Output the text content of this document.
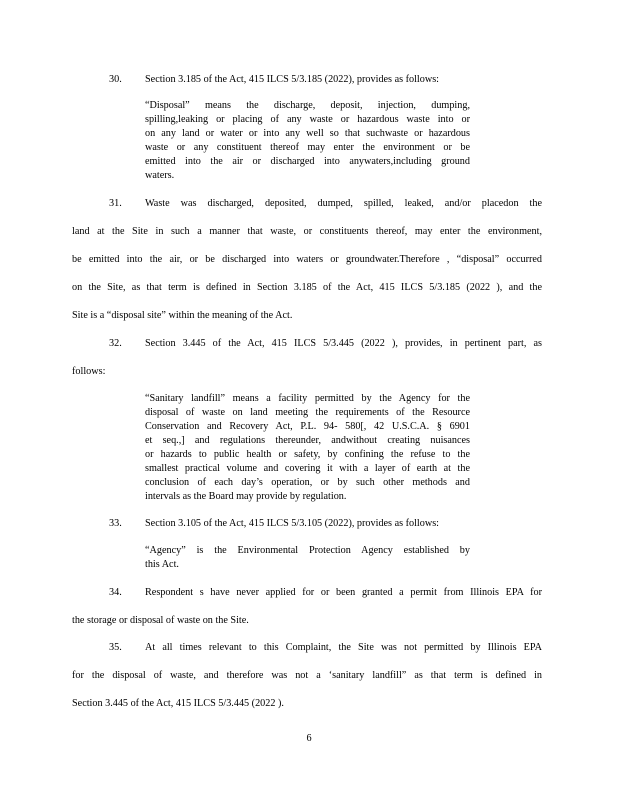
30. Section 3.185 of the Act, 415 ILCS 5/3.185 (2022), provides as follows:

“Disposal” means the discharge, deposit, injection, dumping,
spilling,leaking or placing of any waste or hazardous waste into or
on any land or water or into any well so that suchwaste or hazardous
waste or any constituent thereof may enter the environment or be
emitted into the air or discharged into anywaters,including ground
waters.

31. Waste was discharged, deposited, dumped, spilled, leaked, and/or placedon the
land at the Site in such a manner that waste, or constituents thereof, may enter the environment,
be emitted into the air, or be discharged into waters or groundwater.Therefore , “disposal” occurred
on the Site, as that term is defined in Section 3.185 of the Act, 415 ILCS 5/3.185 (2022 ), and the
Site is a “disposal site” within the meaning of the Act.

32. Section 3.445 of the Act, 415 ILCS 5/3.445 (2022 ), provides, in pertinent part, as
follows:

“Sanitary landfill” means a facility permitted by the Agency for the
disposal of waste on land meeting the requirements of the Resource
Conservation and Recovery Act, P.L. 94- 580[, 42 U.S.C.A. § 6901
et seq.,] and regulations thereunder, andwithout creating nuisances
or hazards to public health or safety, by confining the refuse to the
smallest practical volume and covering it with a layer of earth at the
conclusion of each day’s operation, or by such other methods and
intervals as the Board may provide by regulation.

33. Section 3.105 of the Act, 415 ILCS 5/3.105 (2022), provides as follows:

“Agency” is the Environmental Protection Agency established by
this Act.

34. Respondent s have never applied for or been granted a permit from Illinois EPA for
the storage or disposal of waste on the Site.

35. At all times relevant to this Complaint, the Site was not permitted by Illinois EPA
for the disposal of waste, and therefore was not a ‘sanitary landfill” as that term is defined in
Section 3.445 of the Act, 415 ILCS 5/3.445 (2022 ).

6
